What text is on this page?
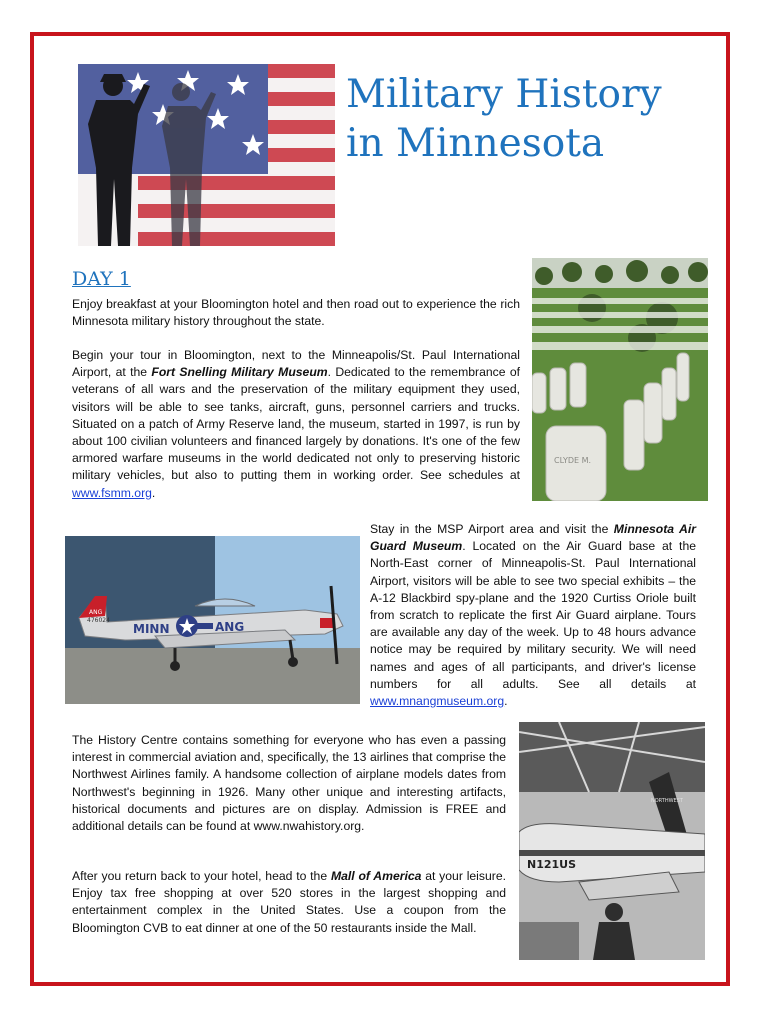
Military History
in Minnesota
DAY 1

Enjoy breakfast at your Bloomington hotel and then road out to experience the rich Minnesota military history throughout the state.

Begin your tour in Bloomington, next to the Minneapolis/St. Paul International Airport, at the Fort Snelling Military Museum. Dedicated to the remembrance of veterans of all wars and the preservation of the military equipment they used, visitors will be able to see tanks, aircraft, guns, personnel carriers and trucks. Situated on a patch of Army Reserve land, the museum, started in 1997, is run by about 100 civilian volunteers and financed largely by donations. It's one of the few armored warfare museums in the world dedicated not only to preserving historic military vehicles, but also to putting them in working order. See schedules at www.fsmm.org.

CLYDE M.
ANG
476024
MINN	ANG

Stay in the MSP Airport area and visit the Minnesota Air Guard Museum. Located on the Air Guard base at the North-East corner of Minneapolis-St. Paul International Airport, visitors will be able to see two special exhibits – the A-12 Blackbird spy-plane and the 1920 Curtiss Oriole built from scratch to replicate the first Air Guard airplane. Tours are available any day of the week. Up to 48 hours advance notice may be required by military security. We will need names and ages of all participants, and driver's license numbers for all adults. See all details at www.mnangmuseum.org.

The History Centre contains something for everyone who has even a passing interest in commercial aviation and, specifically, the 13 airlines that comprise the Northwest Airlines family. A handsome collection of airplane models dates from Northwest's beginning in 1926. Many other unique and interesting artifacts, historical documents and pictures are on display. Admission is FREE and additional details can be found at www.nwahistory.org.

After you return back to your hotel, head to the Mall of America at your leisure. Enjoy tax free shopping at over 520 stores in the largest shopping and entertainment complex in the United States. Use a coupon from the Bloomington CVB to eat dinner at one of the 50 restaurants inside the Mall.

N121US
NORTHWEST
